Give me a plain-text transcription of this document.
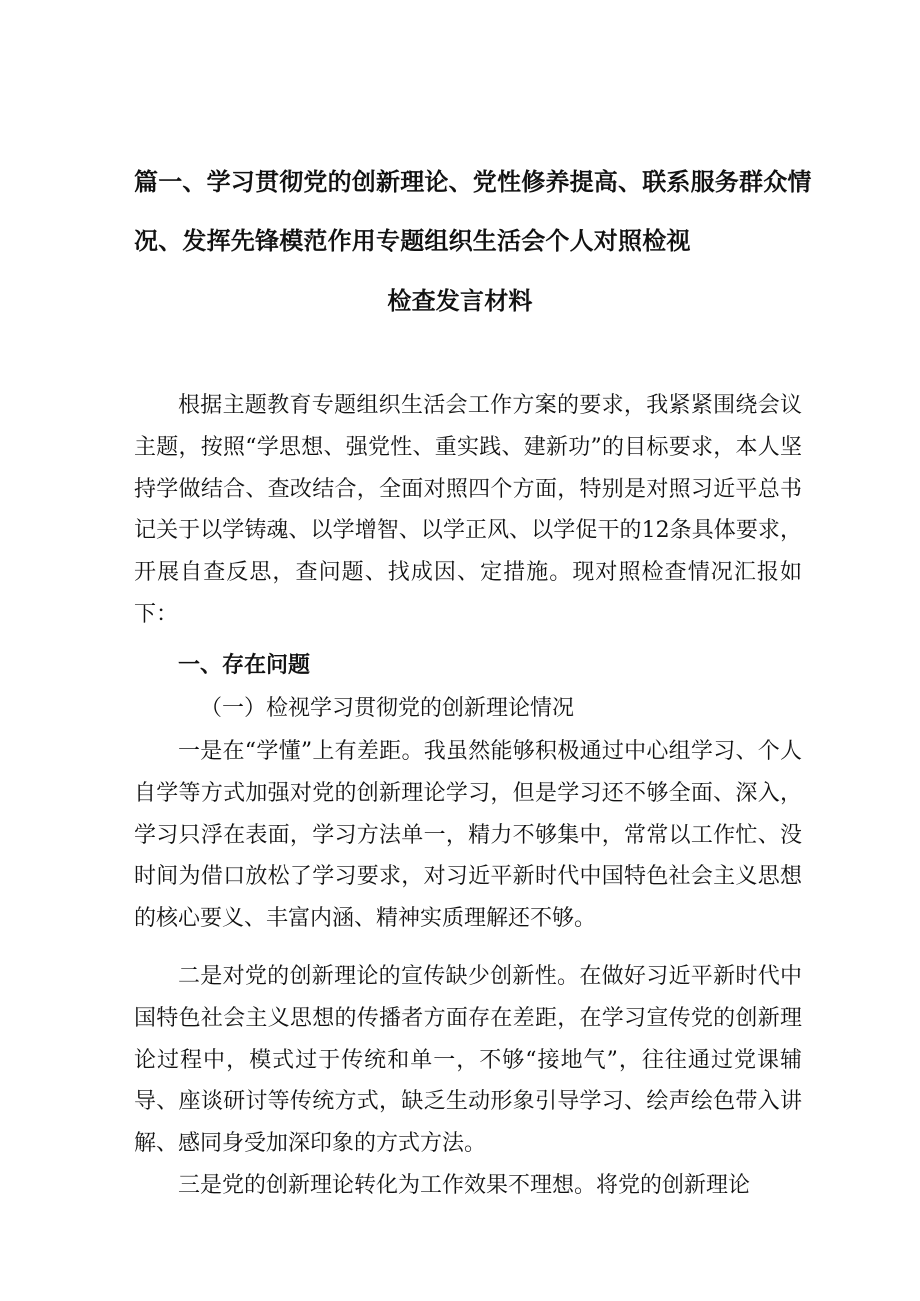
篇一、学习贯彻党的创新理论、党性修养提高、联系服务群众情
况、发挥先锋模范作用专题组织生活会个人对照检视
检查发言材料

根据主题教育专题组织生活会工作方案的要求，我紧紧围绕会议主题，按照“学思想、强党性、重实践、建新功”的目标要求，本人坚持学做结合、查改结合，全面对照四个方面，特别是对照习近平总书记关于以学铸魂、以学增智、以学正风、以学促干的12条具体要求，开展自查反思，查问题、找成因、定措施。现对照检查情况汇报如下：

一、存在问题
（一）检视学习贯彻党的创新理论情况

一是在“学懂”上有差距。我虽然能够积极通过中心组学习、个人自学等方式加强对党的创新理论学习，但是学习还不够全面、深入，学习只浮在表面，学习方法单一，精力不够集中，常常以工作忙、没时间为借口放松了学习要求，对习近平新时代中国特色社会主义思想的核心要义、丰富内涵、精神实质理解还不够。

二是对党的创新理论的宣传缺少创新性。在做好习近平新时代中国特色社会主义思想的传播者方面存在差距，在学习宣传党的创新理论过程中，模式过于传统和单一，不够“接地气”，往往通过党课辅导、座谈研讨等传统方式，缺乏生动形象引导学习、绘声绘色带入讲解、感同身受加深印象的方式方法。

三是党的创新理论转化为工作效果不理想。将党的创新理论
